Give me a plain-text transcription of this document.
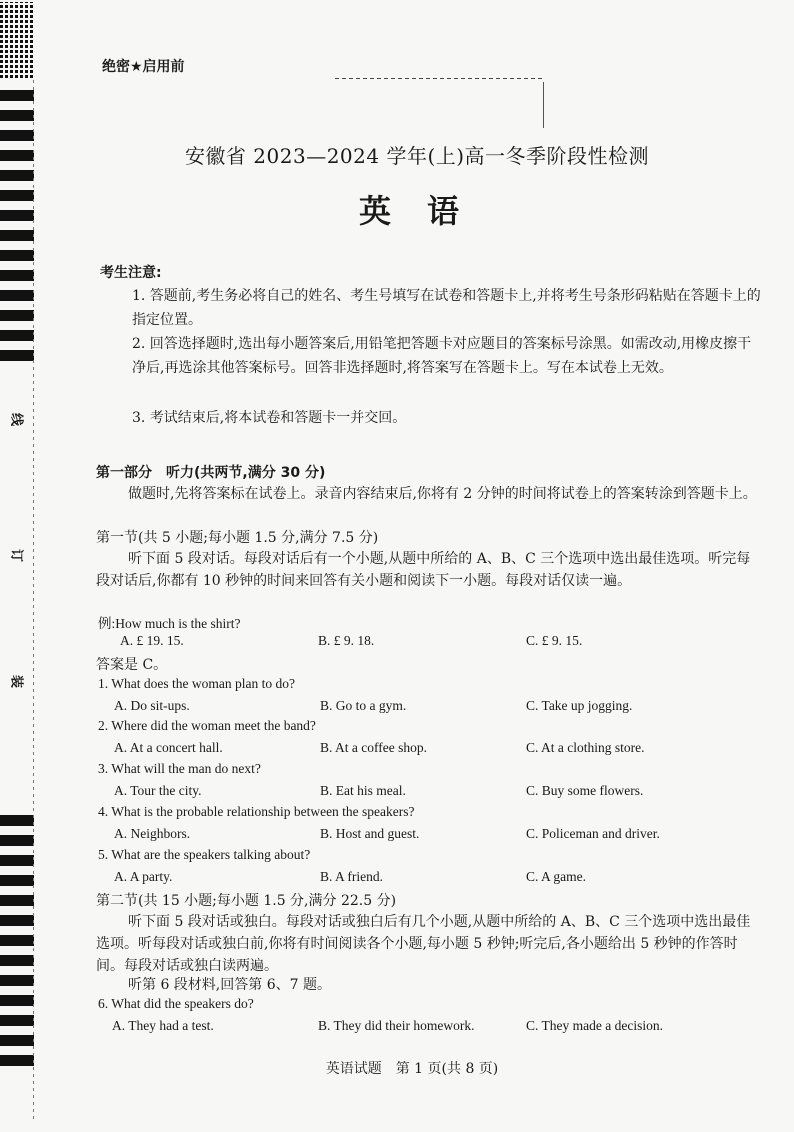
线
订
装
绝密★启用前
安徽省 2023—2024 学年(上)高一冬季阶段性检测
英语
考生注意:
1. 答题前,考生务必将自己的姓名、考生号填写在试卷和答题卡上,并将考生号条形码粘贴在答题卡上的指定位置。
2. 回答选择题时,选出每小题答案后,用铅笔把答题卡对应题目的答案标号涂黑。如需改动,用橡皮擦干净后,再选涂其他答案标号。回答非选择题时,将答案写在答题卡上。写在本试卷上无效。
3. 考试结束后,将本试卷和答题卡一并交回。
第一部分　听力(共两节,满分 30 分)
做题时,先将答案标在试卷上。录音内容结束后,你将有 2 分钟的时间将试卷上的答案转涂到答题卡上。
第一节(共 5 小题;每小题 1.5 分,满分 7.5 分)
听下面 5 段对话。每段对话后有一个小题,从题中所给的 A、B、C 三个选项中选出最佳选项。听完每段对话后,你都有 10 秒钟的时间来回答有关小题和阅读下一小题。每段对话仅读一遍。
例:How much is the shirt?
A. £ 19. 15.	B. £ 9. 18.	C. £ 9. 15.
答案是 C。
1. What does the woman plan to do?
A. Do sit-ups.	B. Go to a gym.	C. Take up jogging.
2. Where did the woman meet the band?
A. At a concert hall.	B. At a coffee shop.	C. At a clothing store.
3. What will the man do next?
A. Tour the city.	B. Eat his meal.	C. Buy some flowers.
4. What is the probable relationship between the speakers?
A. Neighbors.	B. Host and guest.	C. Policeman and driver.
5. What are the speakers talking about?
A. A party.	B. A friend.	C. A game.
第二节(共 15 小题;每小题 1.5 分,满分 22.5 分)
听下面 5 段对话或独白。每段对话或独白后有几个小题,从题中所给的 A、B、C 三个选项中选出最佳选项。听每段对话或独白前,你将有时间阅读各个小题,每小题 5 秒钟;听完后,各小题给出 5 秒钟的作答时间。每段对话或独白读两遍。
听第 6 段材料,回答第 6、7 题。
6. What did the speakers do?
A. They had a test.	B. They did their homework.	C. They made a decision.
英语试题　第 1 页(共 8 页)
